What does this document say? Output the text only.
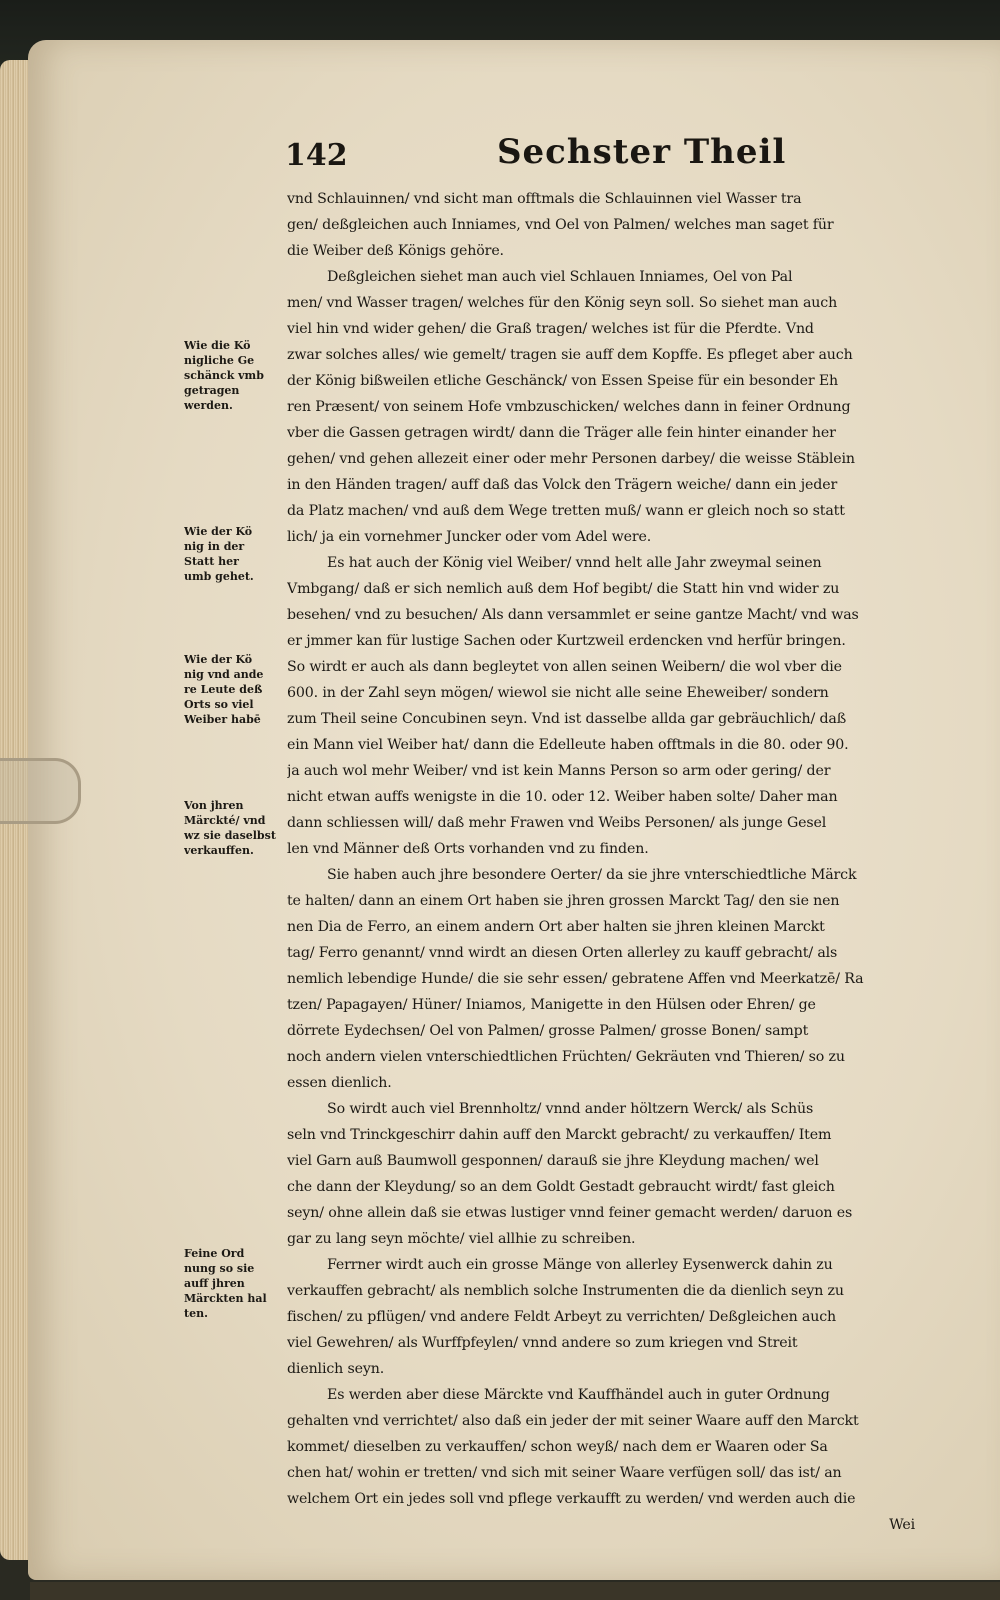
142	Sechster Theil
Wie die Kö
nigliche Ge
schänck vmb
getragen
werden.
Wie der Kö
nig in der
Statt her
umb gehet.
Wie der Kö
nig vnd ande
re Leute deß
Orts so viel
Weiber habē
Von jhren
Märckté/ vnd
wz sie daselbst
verkauffen.
Feine Ord
nung so sie
auff jhren
Märckten hal
ten.
vnd Schlauinnen/ vnd sicht man offtmals die Schlauinnen viel Wasser tra
gen/ deßgleichen auch Inniames, vnd Oel von Palmen/ welches man saget für
die Weiber deß Königs gehöre.
Deßgleichen siehet man auch viel Schlauen Inniames, Oel von Pal
men/ vnd Wasser tragen/ welches für den König seyn soll. So siehet man auch
viel hin vnd wider gehen/ die Graß tragen/ welches ist für die Pferdte. Vnd
zwar solches alles/ wie gemelt/ tragen sie auff dem Kopffe. Es pfleget aber auch
der König bißweilen etliche Geschänck/ von Essen Speise für ein besonder Eh
ren Præsent/ von seinem Hofe vmbzuschicken/ welches dann in feiner Ordnung
vber die Gassen getragen wirdt/ dann die Träger alle fein hinter einander her
gehen/ vnd gehen allezeit einer oder mehr Personen darbey/ die weisse Stäblein
in den Händen tragen/ auff daß das Volck den Trägern weiche/ dann ein jeder
da Platz machen/ vnd auß dem Wege tretten muß/ wann er gleich noch so statt
lich/ ja ein vornehmer Juncker oder vom Adel were.
Es hat auch der König viel Weiber/ vnnd helt alle Jahr zweymal seinen
Vmbgang/ daß er sich nemlich auß dem Hof begibt/ die Statt hin vnd wider zu
besehen/ vnd zu besuchen/ Als dann versammlet er seine gantze Macht/ vnd was
er jmmer kan für lustige Sachen oder Kurtzweil erdencken vnd herfür bringen.
So wirdt er auch als dann begleytet von allen seinen Weibern/ die wol vber die
600. in der Zahl seyn mögen/ wiewol sie nicht alle seine Eheweiber/ sondern
zum Theil seine Concubinen seyn. Vnd ist dasselbe allda gar gebräuchlich/ daß
ein Mann viel Weiber hat/ dann die Edelleute haben offtmals in die 80. oder 90.
ja auch wol mehr Weiber/ vnd ist kein Manns Person so arm oder gering/ der
nicht etwan auffs wenigste in die 10. oder 12. Weiber haben solte/ Daher man
dann schliessen will/ daß mehr Frawen vnd Weibs Personen/ als junge Gesel
len vnd Männer deß Orts vorhanden vnd zu finden.
Sie haben auch jhre besondere Oerter/ da sie jhre vnterschiedtliche Märck
te halten/ dann an einem Ort haben sie jhren grossen Marckt Tag/ den sie nen
nen Dia de Ferro, an einem andern Ort aber halten sie jhren kleinen Marckt
tag/ Ferro genannt/ vnnd wirdt an diesen Orten allerley zu kauff gebracht/ als
nemlich lebendige Hunde/ die sie sehr essen/ gebratene Affen vnd Meerkatzē/ Ra
tzen/ Papagayen/ Hüner/ Iniamos, Manigette in den Hülsen oder Ehren/ ge
dörrete Eydechsen/ Oel von Palmen/ grosse Palmen/ grosse Bonen/ sampt
noch andern vielen vnterschiedtlichen Früchten/ Gekräuten vnd Thieren/ so zu
essen dienlich.
So wirdt auch viel Brennholtz/ vnnd ander höltzern Werck/ als Schüs
seln vnd Trinckgeschirr dahin auff den Marckt gebracht/ zu verkauffen/ Item
viel Garn auß Baumwoll gesponnen/ darauß sie jhre Kleydung machen/ wel
che dann der Kleydung/ so an dem Goldt Gestadt gebraucht wirdt/ fast gleich
seyn/ ohne allein daß sie etwas lustiger vnnd feiner gemacht werden/ daruon es
gar zu lang seyn möchte/ viel allhie zu schreiben.
Ferrner wirdt auch ein grosse Mänge von allerley Eysenwerck dahin zu
verkauffen gebracht/ als nemblich solche Instrumenten die da dienlich seyn zu
fischen/ zu pflügen/ vnd andere Feldt Arbeyt zu verrichten/ Deßgleichen auch
viel Gewehren/ als Wurffpfeylen/ vnnd andere so zum kriegen vnd Streit
dienlich seyn.
Es werden aber diese Märckte vnd Kauffhändel auch in guter Ordnung
gehalten vnd verrichtet/ also daß ein jeder der mit seiner Waare auff den Marckt
kommet/ dieselben zu verkauffen/ schon weyß/ nach dem er Waaren oder Sa
chen hat/ wohin er tretten/ vnd sich mit seiner Waare verfügen soll/ das ist/ an
welchem Ort ein jedes soll vnd pflege verkaufft zu werden/ vnd werden auch die
Wei
